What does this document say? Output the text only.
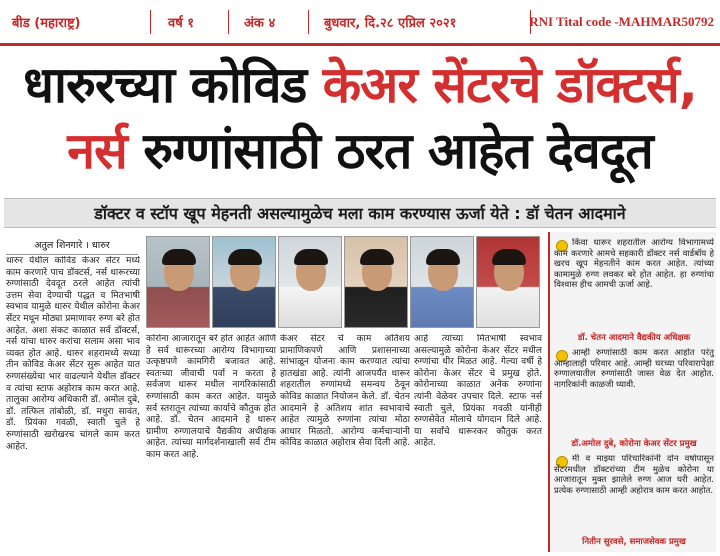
बीड (महाराष्ट्र)	वर्ष १	अंक ४	बुधवार, दि.२८ एप्रिल २०२१	RNI Tital code -MAHMAR50792
धारुरच्या कोविड
केअर सेंटरचे डॉक्टर्स,
नर्स
रुग्णांसाठी ठरत आहेत देवदूत
डॉक्टर व स्टॉप खूप मेहनती असल्यामुळेच मला काम करण्यास ऊर्जा येते : डॉ चेतन आदमाने
अतुल शिनगारे । धारुर
धारुर येथील कोविड केअर सेंटर मध्ये काम करणारे पाच डॉक्टर्स, नर्स धारूरच्या रुग्णांसाठी देवदूत ठरले आहेत त्यांची उत्तम सेवा देण्याची पद्धत व मितभाषी स्वभाव यामुळे धारुर येथील कोरोना केअर सेंटर मधून मोठ्या प्रमाणावर रुग्ण बरे होत आहेत. अशा संकट काळात सर्व डॉक्टर्स, नर्स यांचा धारुर करांचा सलाम असा भाव व्यक्त होत आहे. धारुर शहरामध्ये सध्या तीन कोविड केअर सेंटर सुरू आहेत यात रुग्णसंख्येचा भार वाढल्याने येथील डॉक्टर व त्यांचा स्टाफ अहोरात्र काम करत आहे. तालुका आरोग्य अधिकारी डॉ. अमोल दुबे, डॉ. तत्फिल तांबोळी, डॉ. मधुरा सावंत, डॉ. प्रियंका गवळी, स्वाती चुले हे रुग्णांसाठी खरोखरच चांगले काम करत आहेत.
कोरोना आजारातून बरे होत आहेत आणि हे सर्व धारूरच्या आरोग्य विभागाच्या उत्कृष्ठपणे कामगिरी बजावत आहे. स्वतःच्या जीवाची पर्वा न करता हे सर्वजण धारूर मधील नागरिकांसाठी रुग्णांसाठी काम करत आहेत. यामुळे सर्व स्तरातून त्यांच्या कार्याचे कौतुक होत आहे. डॉ. चेतन आदमाने हे धारूर ग्रामीण रुग्णालयाचे वैद्यकीय अधीक्षक आहेत. त्यांच्या मार्गदर्शनाखाली सर्व टीम काम करत आहे.
केअर सेंटर चे काम अतिशय प्रामाणिकपणे आणि प्रशासनाच्या सांभाळून योजना काम करण्यात त्यांचा हातखंडा आहे. त्यांनी आजपर्यंत धारूर शहरातील रुग्णांमध्ये समन्वय ठेवून कोविड काळात नियोजन केले. डॉ. चेतन आदमाने हे अतिशय शांत स्वभावाचे आहेत त्यामुळे रुग्णांना त्यांचा मोठा आधार मिळतो. आरोग्य कर्मचाऱ्यांनी कोविड काळात अहोरात्र सेवा दिली आहे.
आहे त्यांच्या मितभाषी स्वभाव असल्यामुळे कोरोना केअर सेंटर मधील रुग्णांचा धीर मिळत आहे. गेल्या वर्षी हे कोरोना केअर सेंटर चे प्रमुख होते. कोरोनाच्या काळात अनेक रुग्णांना त्यांनी वेळेवर उपचार दिले. स्टाफ नर्स स्वाती चुले, प्रियंका गवळी यांनीही रुग्णसेवेत मोलाचे योगदान दिले आहे. या सर्वांचे धारूरकर कौतुक करत आहेत.
किंवा धारूर शहरातील आरोग्य विभागामध्ये काम करणारे आमचे सहकारी डॉक्टर नर्स वार्डबॉय हे खरच खूप मेहनतीने काम करत आहेत. त्यांच्या कामामुळे रुग्ण लवकर बरे होत आहेत. हा रुग्णांचा विश्वास हीच आमची ऊर्जा आहे.
डॉ. चेतन आदमाने वैद्यकीय अधिक्षक
आम्ही रुग्णांसाठी काम करत आहोत परंतु आम्हालाही परिवार आहे. आम्ही घरच्या परिवारापेक्षा रुग्णालयातील रुग्णांसाठी जास्त वेळ देत आहोत. नागरिकांनी काळजी घ्यावी.
डॉ.अमोल दुबे, कोरोना केअर सेंटर प्रमुख
मी व माझ्या परिचारिकांनी दोन वर्षापासून सेंटरमधील डॉक्टरांच्या टीम मुळेच कोरोना या आजारातून मुक्त झालेले रुग्ण आज घरी आहेत. प्रत्येक रुग्णासाठी आम्ही अहोरात्र काम करत आहोत.
नितीन सुरवसे, समाजसेवक प्रमुख
